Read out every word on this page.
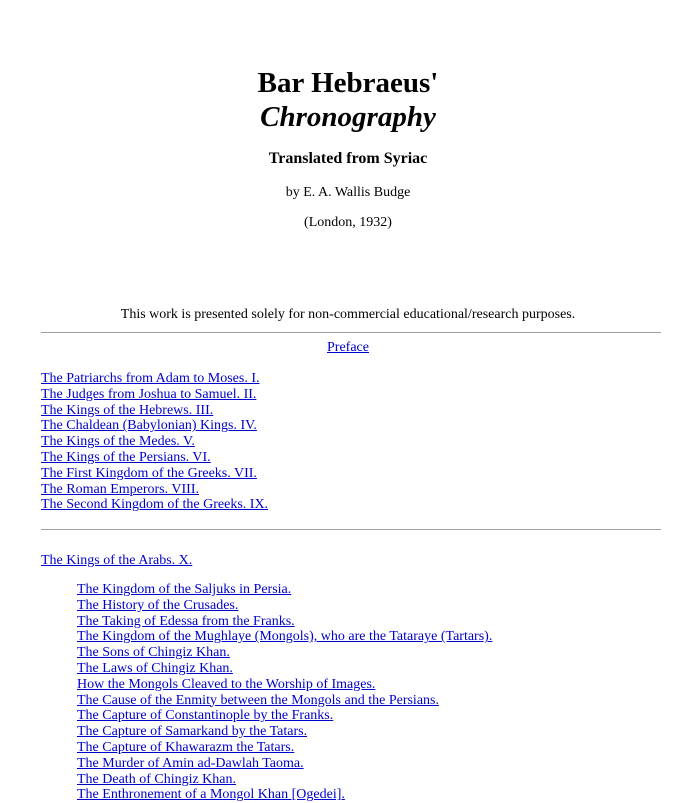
Bar Hebraeus'
Chronography
Translated from Syriac
by E. A. Wallis Budge
(London, 1932)
This work is presented solely for non-commercial educational/research purposes.
Preface
The Patriarchs from Adam to Moses. I.
The Judges from Joshua to Samuel. II.
The Kings of the Hebrews. III.
The Chaldean (Babylonian) Kings. IV.
The Kings of the Medes. V.
The Kings of the Persians. VI.
The First Kingdom of the Greeks. VII.
The Roman Emperors. VIII.
The Second Kingdom of the Greeks. IX.
The Kings of the Arabs. X.
The Kingdom of the Saljuks in Persia.
The History of the Crusades.
The Taking of Edessa from the Franks.
The Kingdom of the Mughlaye (Mongols), who are the Tataraye (Tartars).
The Sons of Chingiz Khan.
The Laws of Chingiz Khan.
How the Mongols Cleaved to the Worship of Images.
The Cause of the Enmity between the Mongols and the Persians.
The Capture of Constantinople by the Franks.
The Capture of Samarkand by the Tatars.
The Capture of Khawarazm the Tatars.
The Murder of Amin ad-Dawlah Taoma.
The Death of Chingiz Khan.
The Enthronement of a Mongol Khan [Ogedei].
